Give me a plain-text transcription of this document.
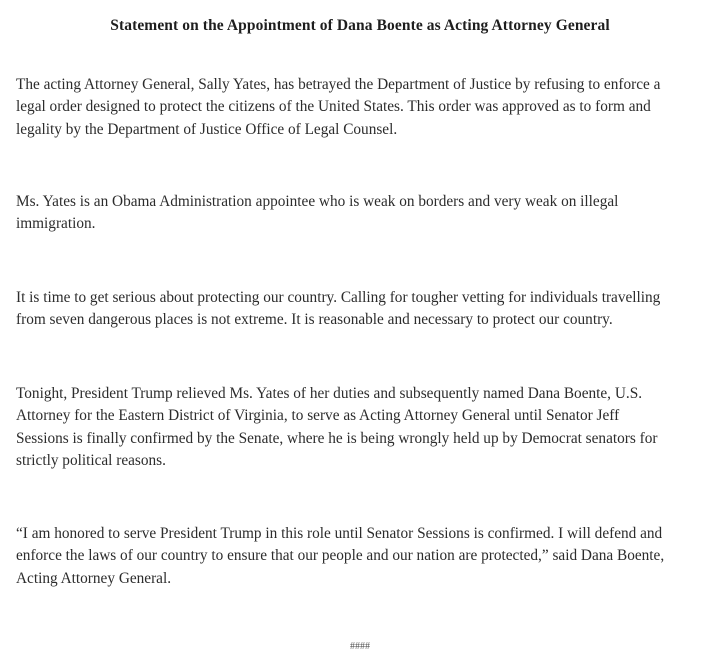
Statement on the Appointment of Dana Boente as Acting Attorney General
The acting Attorney General, Sally Yates, has betrayed the Department of Justice by refusing to enforce a
legal order designed to protect the citizens of the United States. This order was approved as to form and
legality by the Department of Justice Office of Legal Counsel.
Ms. Yates is an Obama Administration appointee who is weak on borders and very weak on illegal
immigration.
It is time to get serious about protecting our country. Calling for tougher vetting for individuals travelling
from seven dangerous places is not extreme. It is reasonable and necessary to protect our country.
Tonight, President Trump relieved Ms. Yates of her duties and subsequently named Dana Boente, U.S.
Attorney for the Eastern District of Virginia, to serve as Acting Attorney General until Senator Jeff
Sessions is finally confirmed by the Senate, where he is being wrongly held up by Democrat senators for
strictly political reasons.
“I am honored to serve President Trump in this role until Senator Sessions is confirmed. I will defend and
enforce the laws of our country to ensure that our people and our nation are protected,” said Dana Boente,
Acting Attorney General.
####
